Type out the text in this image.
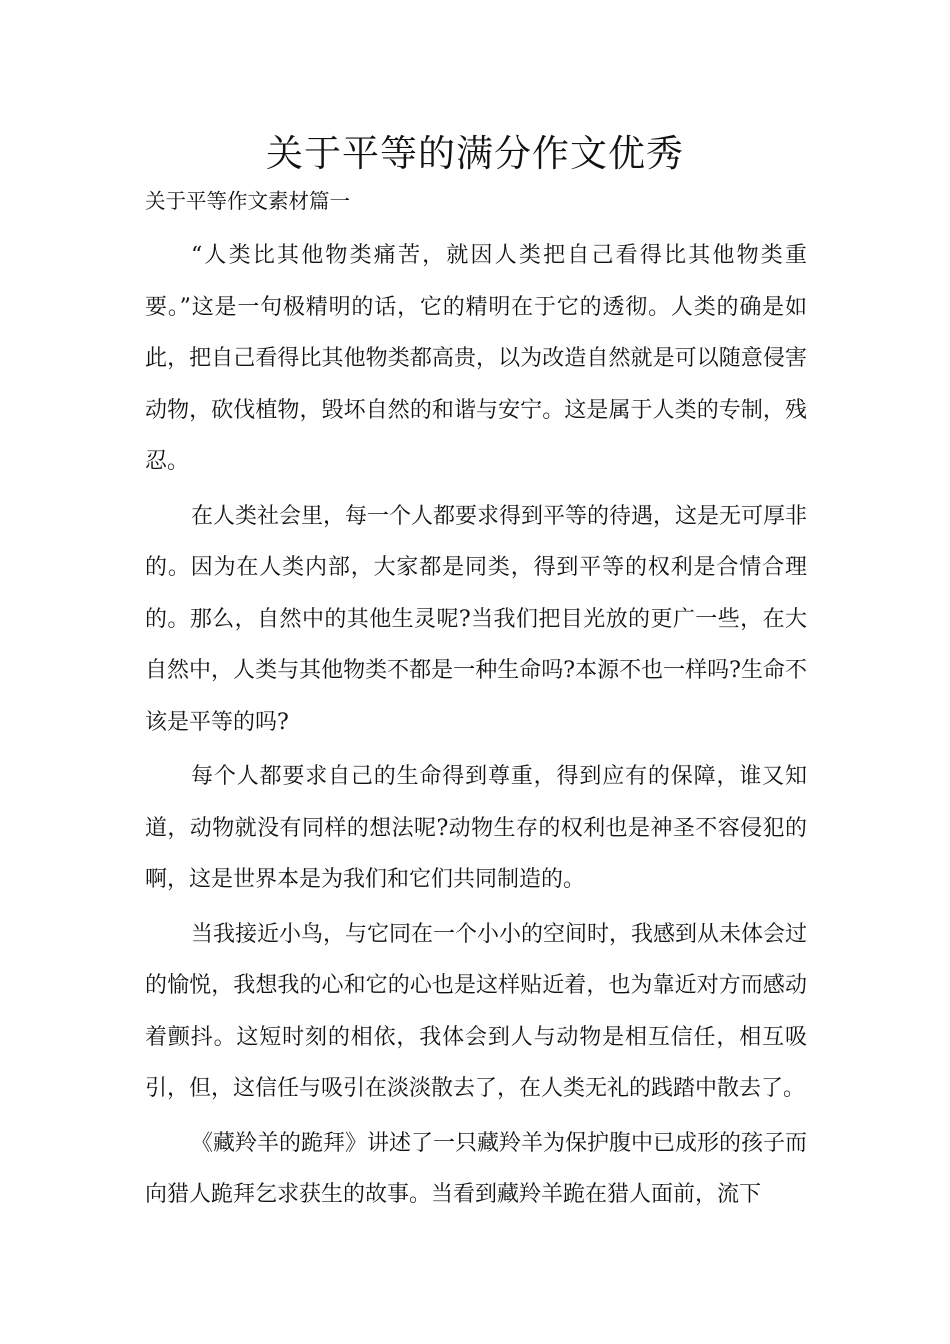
关于平等的满分作文优秀

关于平等作文素材篇一

“人类比其他物类痛苦，就因人类把自己看得比其他物类重要。”这是一句极精明的话，它的精明在于它的透彻。人类的确是如此，把自己看得比其他物类都高贵，以为改造自然就是可以随意侵害动物，砍伐植物，毁坏自然的和谐与安宁。这是属于人类的专制，残忍。

在人类社会里，每一个人都要求得到平等的待遇，这是无可厚非的。因为在人类内部，大家都是同类，得到平等的权利是合情合理的。那么，自然中的其他生灵呢?当我们把目光放的更广一些，在大自然中，人类与其他物类不都是一种生命吗?本源不也一样吗?生命不该是平等的吗?

每个人都要求自己的生命得到尊重，得到应有的保障，谁又知道，动物就没有同样的想法呢?动物生存的权利也是神圣不容侵犯的啊，这是世界本是为我们和它们共同制造的。

当我接近小鸟，与它同在一个小小的空间时，我感到从未体会过的愉悦，我想我的心和它的心也是这样贴近着，也为靠近对方而感动着颤抖。这短时刻的相依，我体会到人与动物是相互信任，相互吸引，但，这信任与吸引在淡淡散去了，在人类无礼的践踏中散去了。

《藏羚羊的跪拜》讲述了一只藏羚羊为保护腹中已成形的孩子而向猎人跪拜乞求获生的故事。当看到藏羚羊跪在猎人面前，流下
